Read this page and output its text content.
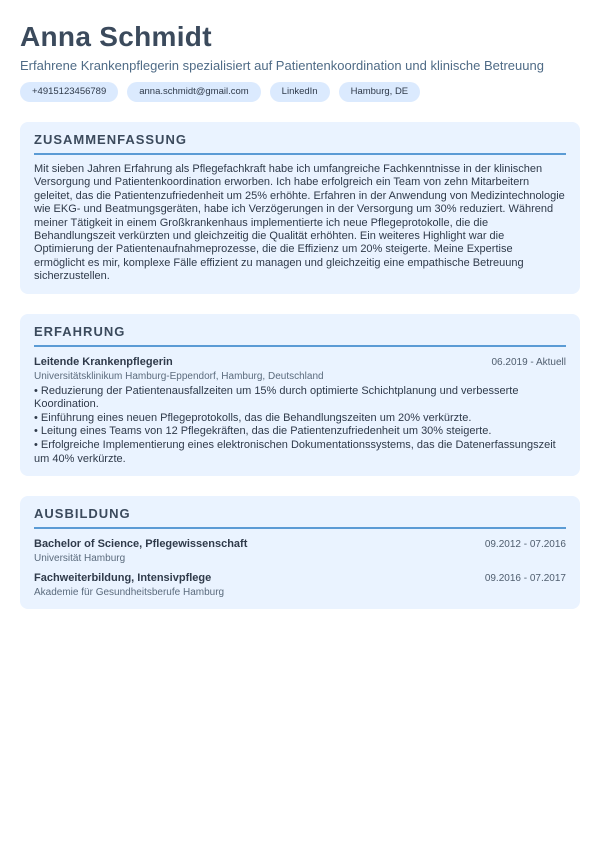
Anna Schmidt
Erfahrene Krankenpflegerin spezialisiert auf Patientenkoordination und klinische Betreuung
+4915123456789	anna.schmidt@gmail.com	LinkedIn	Hamburg, DE
ZUSAMMENFASSUNG
Mit sieben Jahren Erfahrung als Pflegefachkraft habe ich umfangreiche Fachkenntnisse in der klinischen Versorgung und Patientenkoordination erworben. Ich habe erfolgreich ein Team von zehn Mitarbeitern geleitet, das die Patientenzufriedenheit um 25% erhöhte. Erfahren in der Anwendung von Medizintechnologie wie EKG- und Beatmungsgeräten, habe ich Verzögerungen in der Versorgung um 30% reduziert. Während meiner Tätigkeit in einem Großkrankenhaus implementierte ich neue Pflegeprotokolle, die die Behandlungszeit verkürzten und gleichzeitig die Qualität erhöhten. Ein weiteres Highlight war die Optimierung der Patientenaufnahmeprozesse, die die Effizienz um 20% steigerte. Meine Expertise ermöglicht es mir, komplexe Fälle effizient zu managen und gleichzeitig eine empathische Betreuung sicherzustellen.
ERFAHRUNG
Leitende Krankenpflegerin	06.2019 - Aktuell
Universitätsklinikum Hamburg-Eppendorf, Hamburg, Deutschland
• Reduzierung der Patientenausfallzeiten um 15% durch optimierte Schichtplanung und verbesserte Koordination.
• Einführung eines neuen Pflegeprotokolls, das die Behandlungszeiten um 20% verkürzte.
• Leitung eines Teams von 12 Pflegekräften, das die Patientenzufriedenheit um 30% steigerte.
• Erfolgreiche Implementierung eines elektronischen Dokumentationssystems, das die Datenerfassungszeit um 40% verkürzte.
AUSBILDUNG
Bachelor of Science, Pflegewissenschaft	09.2012 - 07.2016
Universität Hamburg
Fachweiterbildung, Intensivpflege	09.2016 - 07.2017
Akademie für Gesundheitsberufe Hamburg
